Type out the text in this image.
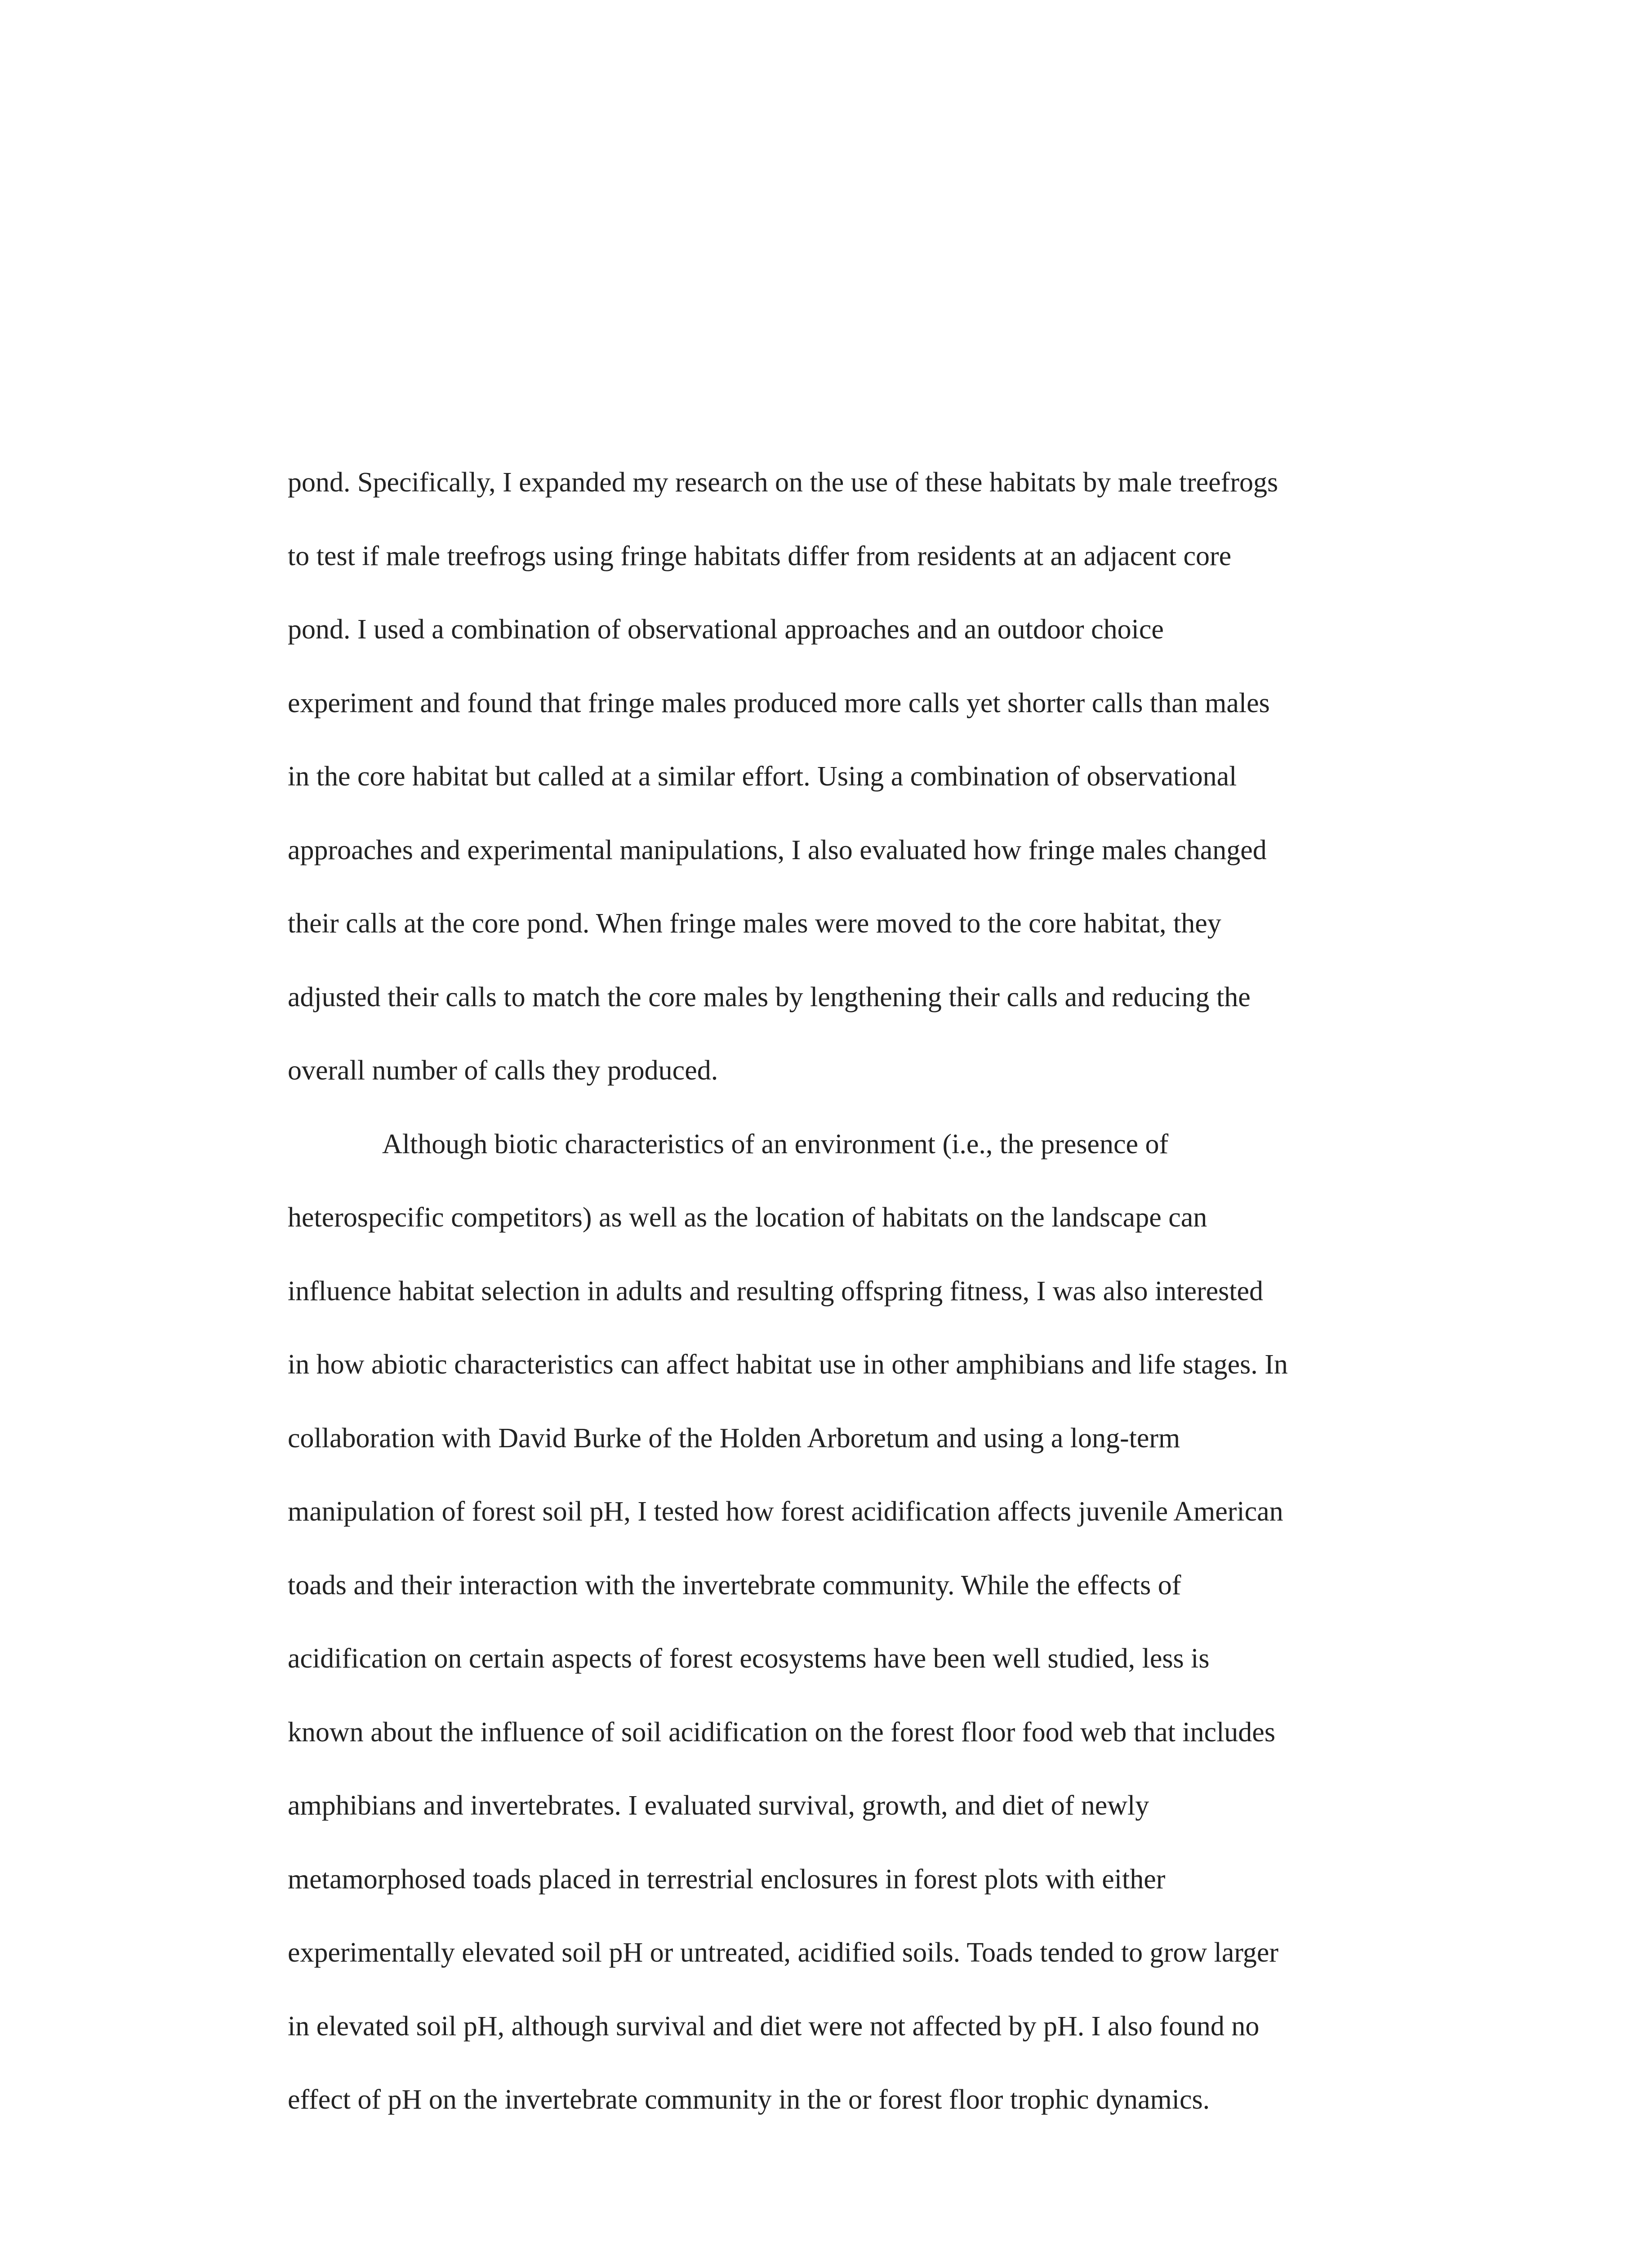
pond. Specifically, I expanded my research on the use of these habitats by male treefrogs
to test if male treefrogs using fringe habitats differ from residents at an adjacent core
pond. I used a combination of observational approaches and an outdoor choice
experiment and found that fringe males produced more calls yet shorter calls than males
in the core habitat but called at a similar effort. Using a combination of observational
approaches and experimental manipulations, I also evaluated how fringe males changed
their calls at the core pond. When fringe males were moved to the core habitat, they
adjusted their calls to match the core males by lengthening their calls and reducing the
overall number of calls they produced.
Although biotic characteristics of an environment (i.e., the presence of
heterospecific competitors) as well as the location of habitats on the landscape can
influence habitat selection in adults and resulting offspring fitness, I was also interested
in how abiotic characteristics can affect habitat use in other amphibians and life stages. In
collaboration with David Burke of the Holden Arboretum and using a long-term
manipulation of forest soil pH, I tested how forest acidification affects juvenile American
toads and their interaction with the invertebrate community. While the effects of
acidification on certain aspects of forest ecosystems have been well studied, less is
known about the influence of soil acidification on the forest floor food web that includes
amphibians and invertebrates. I evaluated survival, growth, and diet of newly
metamorphosed toads placed in terrestrial enclosures in forest plots with either
experimentally elevated soil pH or untreated, acidified soils. Toads tended to grow larger
in elevated soil pH, although survival and diet were not affected by pH. I also found no
effect of pH on the invertebrate community in the or forest floor trophic dynamics.
